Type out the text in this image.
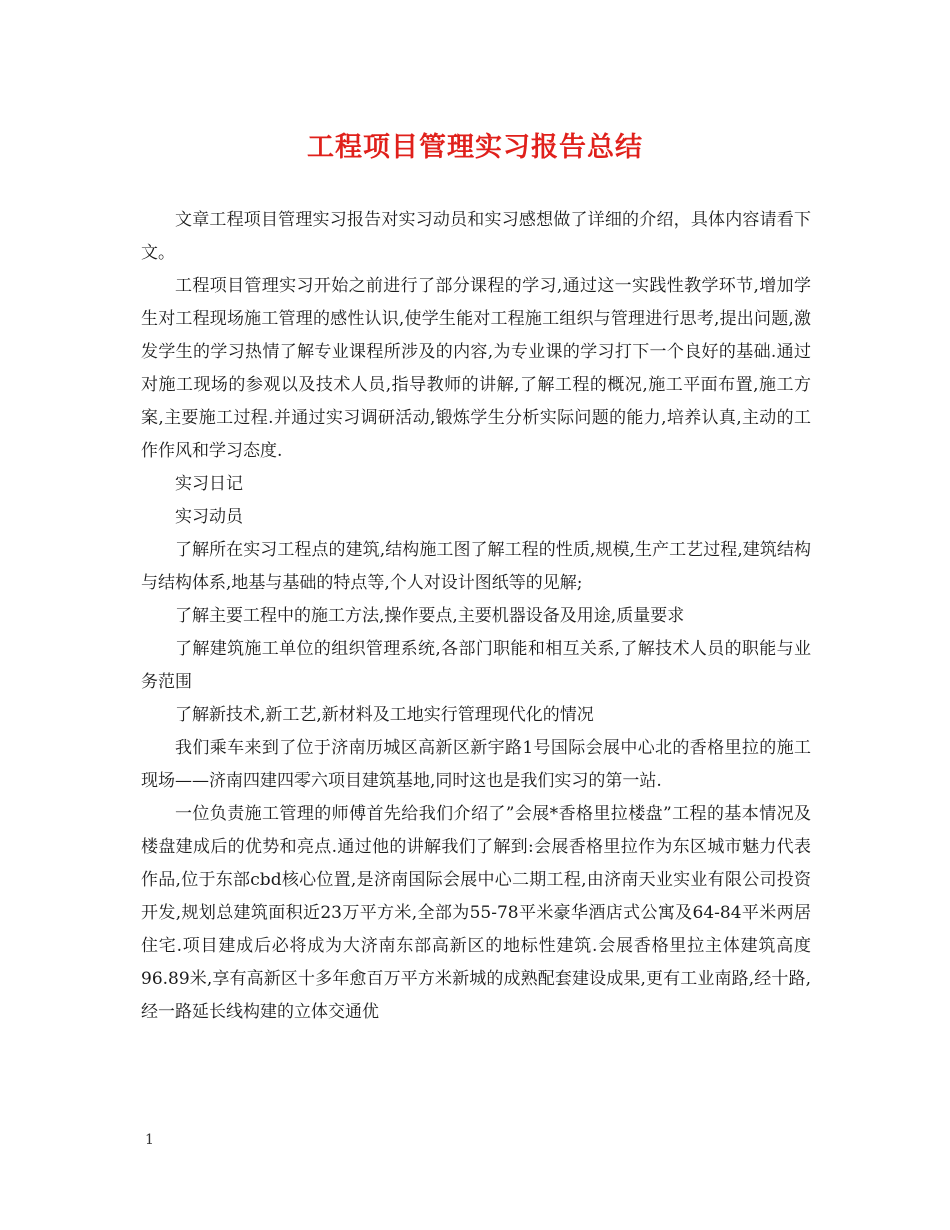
工程项目管理实习报告总结

文章工程项目管理实习报告对实习动员和实习感想做了详细的介绍，具体内容请看下文。

工程项目管理实习开始之前进行了部分课程的学习,通过这一实践性教学环节,增加学生对工程现场施工管理的感性认识,使学生能对工程施工组织与管理进行思考,提出问题,激发学生的学习热情了解专业课程所涉及的内容,为专业课的学习打下一个良好的基础.通过对施工现场的参观以及技术人员,指导教师的讲解,了解工程的概况,施工平面布置,施工方案,主要施工过程.并通过实习调研活动,锻炼学生分析实际问题的能力,培养认真,主动的工作作风和学习态度.

实习日记

实习动员

了解所在实习工程点的建筑,结构施工图了解工程的性质,规模,生产工艺过程,建筑结构与结构体系,地基与基础的特点等,个人对设计图纸等的见解;

了解主要工程中的施工方法,操作要点,主要机器设备及用途,质量要求

了解建筑施工单位的组织管理系统,各部门职能和相互关系,了解技术人员的职能与业务范围

了解新技术,新工艺,新材料及工地实行管理现代化的情况

我们乘车来到了位于济南历城区高新区新宇路1号国际会展中心北的香格里拉的施工现场——济南四建四零六项目建筑基地,同时这也是我们实习的第一站.

一位负责施工管理的师傅首先给我们介绍了”会展*香格里拉楼盘”工程的基本情况及楼盘建成后的优势和亮点.通过他的讲解我们了解到:会展香格里拉作为东区城市魅力代表作品,位于东部cbd核心位置,是济南国际会展中心二期工程,由济南天业实业有限公司投资开发,规划总建筑面积近23万平方米,全部为55-78平米豪华酒店式公寓及64-84平米两居住宅.项目建成后必将成为大济南东部高新区的地标性建筑.会展香格里拉主体建筑高度96.89米,享有高新区十多年愈百万平方米新城的成熟配套建设成果,更有工业南路,经十路,经一路延长线构建的立体交通优

1
